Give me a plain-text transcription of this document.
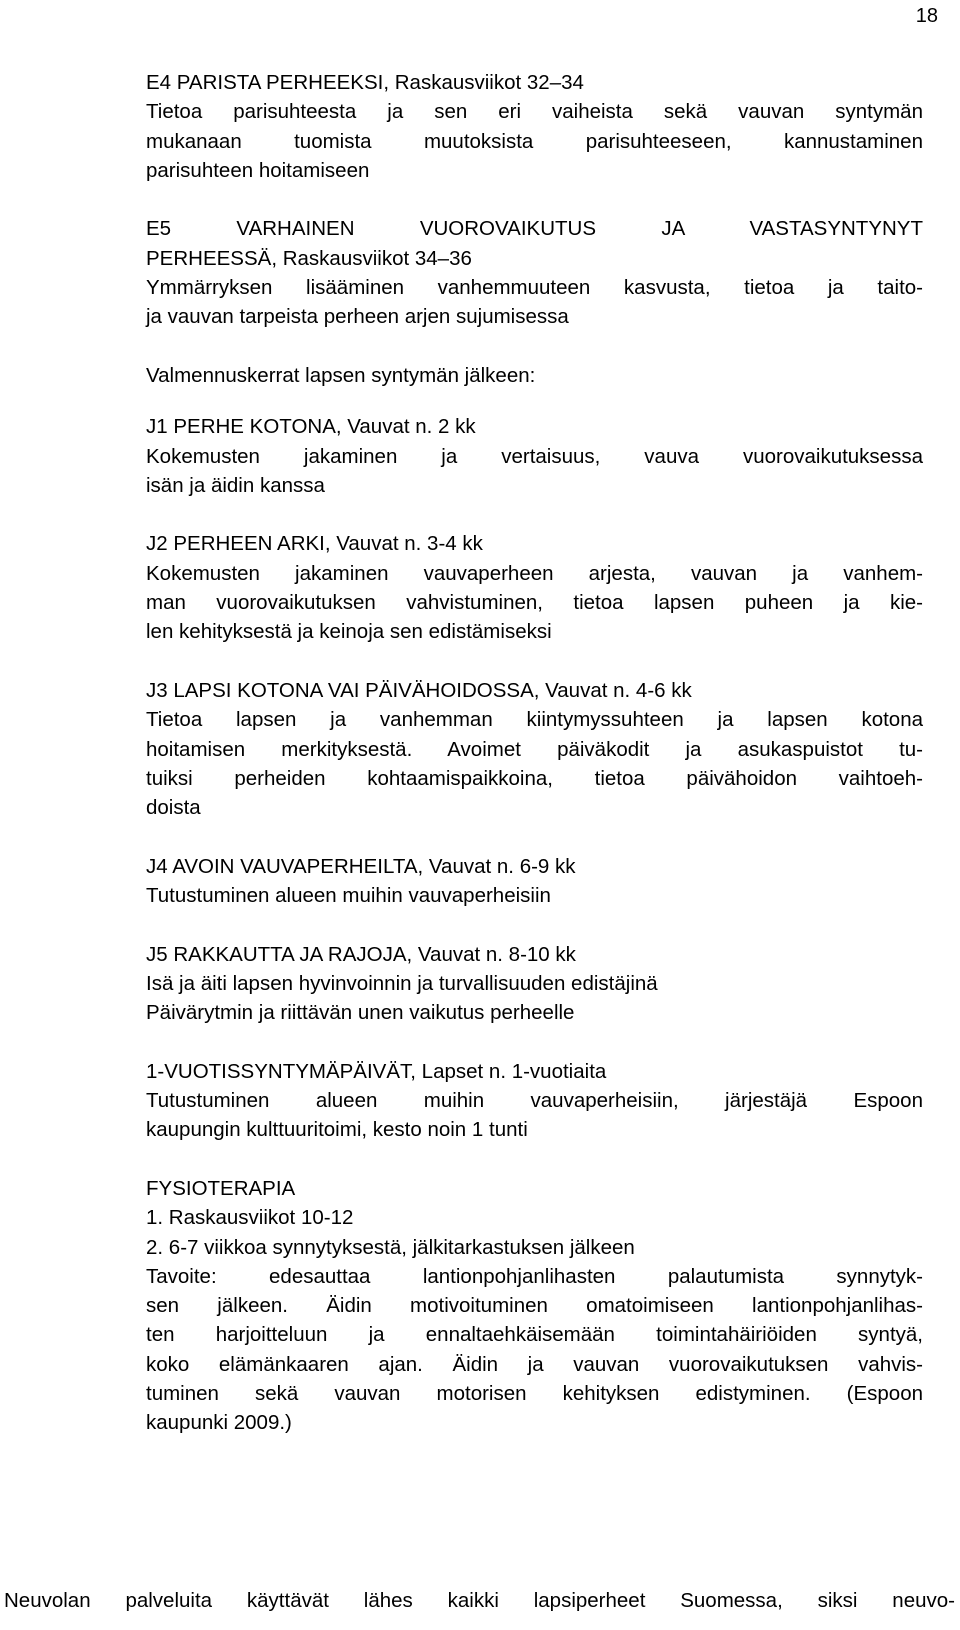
18
E4 PARISTA PERHEEKSI, Raskausviikot 32–34
Tietoa parisuhteesta ja sen eri vaiheista sekä vauvan syntymän
mukanaan tuomista muutoksista parisuhteeseen, kannustaminen
parisuhteen hoitamiseen
E5 VARHAINEN VUOROVAIKUTUS JA VASTASYNTYNYT
PERHEESSÄ, Raskausviikot 34–36
Ymmärryksen lisääminen vanhemmuuteen kasvusta, tietoa ja taito-
ja vauvan tarpeista perheen arjen sujumisessa
Valmennuskerrat lapsen syntymän jälkeen:
J1 PERHE KOTONA, Vauvat n. 2 kk
Kokemusten jakaminen ja vertaisuus, vauva vuorovaikutuksessa
isän ja äidin kanssa
J2 PERHEEN ARKI, Vauvat n. 3-4 kk
Kokemusten jakaminen vauvaperheen arjesta, vauvan ja vanhem-
man vuorovaikutuksen vahvistuminen, tietoa lapsen puheen ja kie-
len kehityksestä ja keinoja sen edistämiseksi
J3 LAPSI KOTONA VAI PÄIVÄHOIDOSSA, Vauvat n. 4-6 kk
Tietoa lapsen ja vanhemman kiintymyssuhteen ja lapsen kotona
hoitamisen merkityksestä. Avoimet päiväkodit ja asukaspuistot tu-
tuiksi perheiden kohtaamispaikkoina, tietoa päivähoidon vaihtoeh-
doista
J4 AVOIN VAUVAPERHEILTA, Vauvat n. 6-9 kk
Tutustuminen alueen muihin vauvaperheisiin
J5 RAKKAUTTA JA RAJOJA, Vauvat n. 8-10 kk
Isä ja äiti lapsen hyvinvoinnin ja turvallisuuden edistäjinä
Päivärytmin ja riittävän unen vaikutus perheelle
1-VUOTISSYNTYMÄPÄIVÄT, Lapset n. 1-vuotiaita
Tutustuminen alueen muihin vauvaperheisiin, järjestäjä Espoon
kaupungin kulttuuritoimi, kesto noin 1 tunti
FYSIOTERAPIA
1. Raskausviikot 10-12
2. 6-7 viikkoa synnytyksestä, jälkitarkastuksen jälkeen
Tavoite: edesauttaa lantionpohjanlihasten palautumista synnytyk-
sen jälkeen. Äidin motivoituminen omatoimiseen lantionpohjanlihas-
ten harjoitteluun ja ennaltaehkäisemään toimintahäiriöiden syntyä,
koko elämänkaaren ajan. Äidin ja vauvan vuorovaikutuksen vahvis-
tuminen sekä vauvan motorisen kehityksen edistyminen. (Espoon
kaupunki 2009.)
Neuvolan palveluita käyttävät lähes kaikki lapsiperheet Suomessa, siksi neuvo-
